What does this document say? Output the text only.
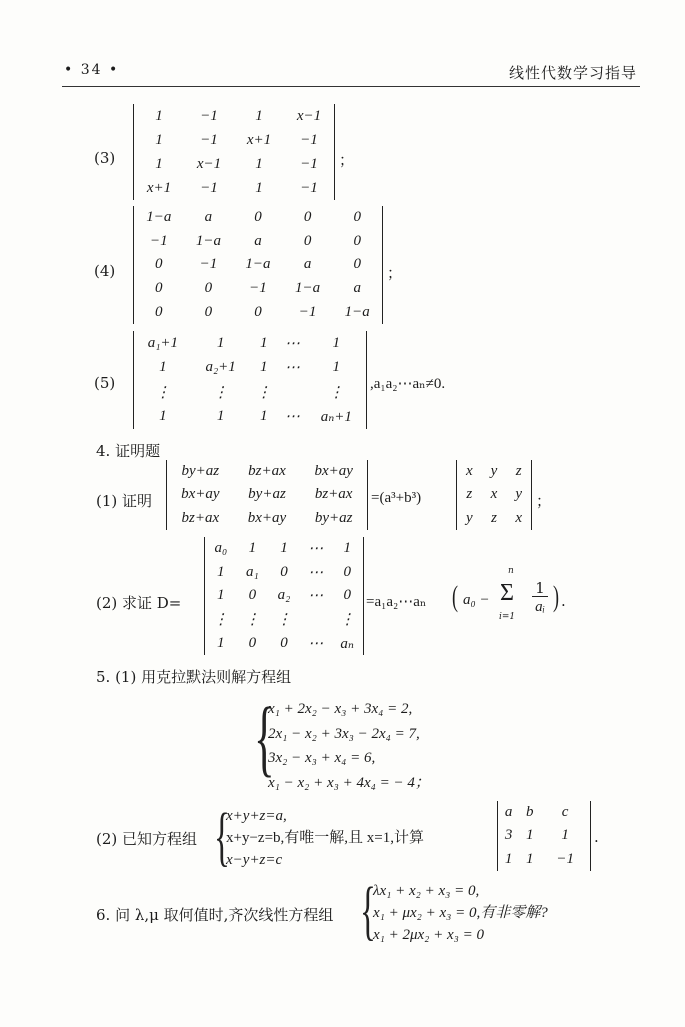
• 34 •	线性代数学习指导
(3)
1	−1	1	x−1
1	−1	x+1	−1
1	x−1	1	−1
x+1	−1	1	−1
；
(4)
1−a	a	0	0	0
−1	1−a	a	0	0
0	−1	1−a	a	0
0	0	−1	1−a	a
0	0	0	−1	1−a
；
(5)
a₁+1	1	1	⋯	1
1	a₂+1	1	⋯	1
⋮	⋮	⋮		⋮
1	1	1	⋯	aₙ+1
,a₁a₂⋯aₙ≠0.
4. 证明题
(1) 证明
by+az	bz+ax	bx+ay
bx+ay	by+az	bz+ax
bz+ax	bx+ay	by+az
=(a³+b³)
x	y	z
z	x	y
y	z	x
；
(2) 求证 D=
a₀	1	1	⋯	1
1	a₁	0	⋯	0
1	0	a₂	⋯	0
⋮	⋮	⋮		⋮
1	0	0	⋯	aₙ
=a₁a₂⋯aₙ ( a₀ −
n
Σ
i=1
1
aᵢ ) .
5. (1) 用克拉默法则解方程组
{
x₁ + 2x₂ − x₃ + 3x₄ = 2,
2x₁ − x₂ + 3x₃ − 2x₄ = 7,
3x₂ − x₃ + x₄ = 6,
x₁ − x₂ + x₃ + 4x₄ = − 4；
(2) 已知方程组 {
x+y+z=a,
x+y−z=b,有唯一解,且 x=1,计算
x−y+z=c
a	b	c
3	1	1
1	1	−1
.
6. 问 λ,μ 取何值时,齐次线性方程组 {
λx₁ + x₂ + x₃ = 0,
x₁ + μx₂ + x₃ = 0,有非零解?
x₁ + 2μx₂ + x₃ = 0
